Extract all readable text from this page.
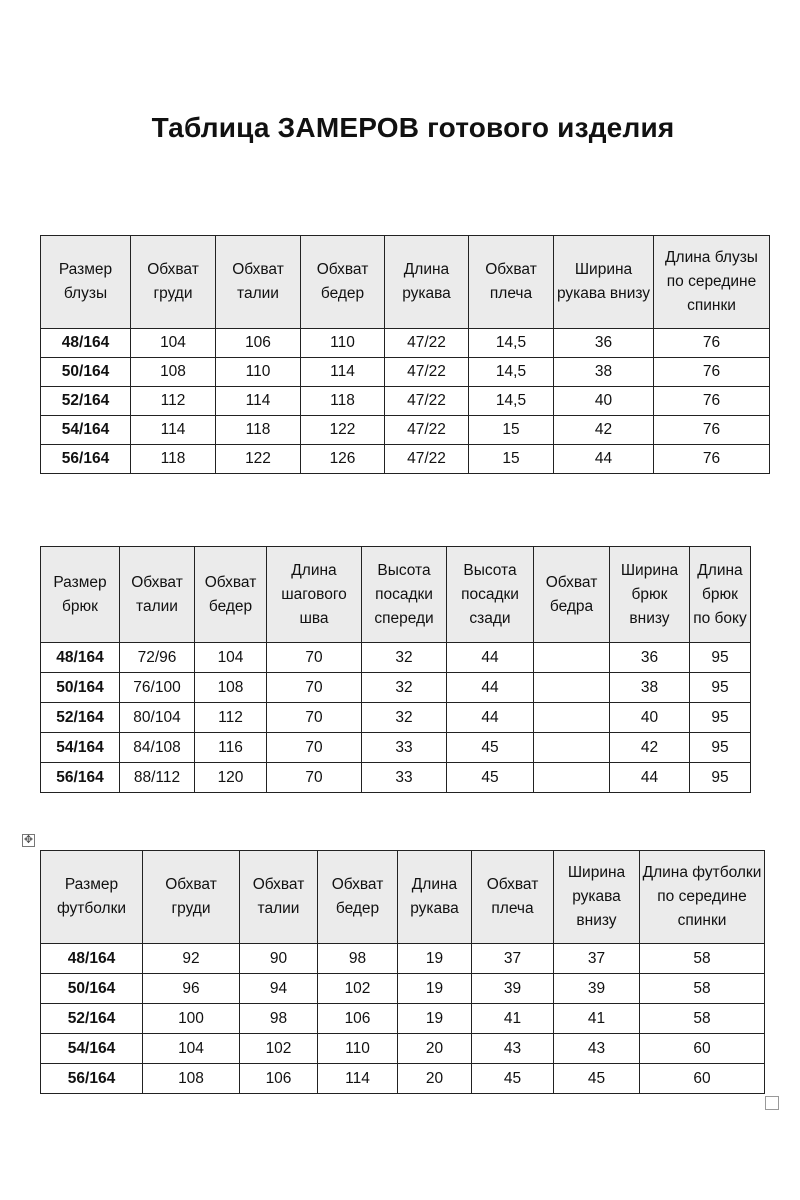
Таблица ЗАМЕРОВ готового изделия
Размер блузы	Обхват груди	Обхват талии	Обхват бедер	Длина рукава	Обхват плеча	Ширина рукава внизу	Длина блузы по середине спинки
48/164	104	106	110	47/22	14,5	36	76
50/164	108	110	114	47/22	14,5	38	76
52/164	112	114	118	47/22	14,5	40	76
54/164	114	118	122	47/22	15	42	76
56/164	118	122	126	47/22	15	44	76
Размер брюк	Обхват талии	Обхват бедер	Длина шагового шва	Высота посадки спереди	Высота посадки сзади	Обхват бедра	Ширина брюк внизу	Длина брюк по боку
48/164	72/96	104	70	32	44		36	95
50/164	76/100	108	70	32	44		38	95
52/164	80/104	112	70	32	44		40	95
54/164	84/108	116	70	33	45		42	95
56/164	88/112	120	70	33	45		44	95
✥
Размер футболки	Обхват груди	Обхват талии	Обхват бедер	Длина рукава	Обхват плеча	Ширина рукава внизу	Длина футболки по середине спинки
48/164	92	90	98	19	37	37	58
50/164	96	94	102	19	39	39	58
52/164	100	98	106	19	41	41	58
54/164	104	102	110	20	43	43	60
56/164	108	106	114	20	45	45	60
